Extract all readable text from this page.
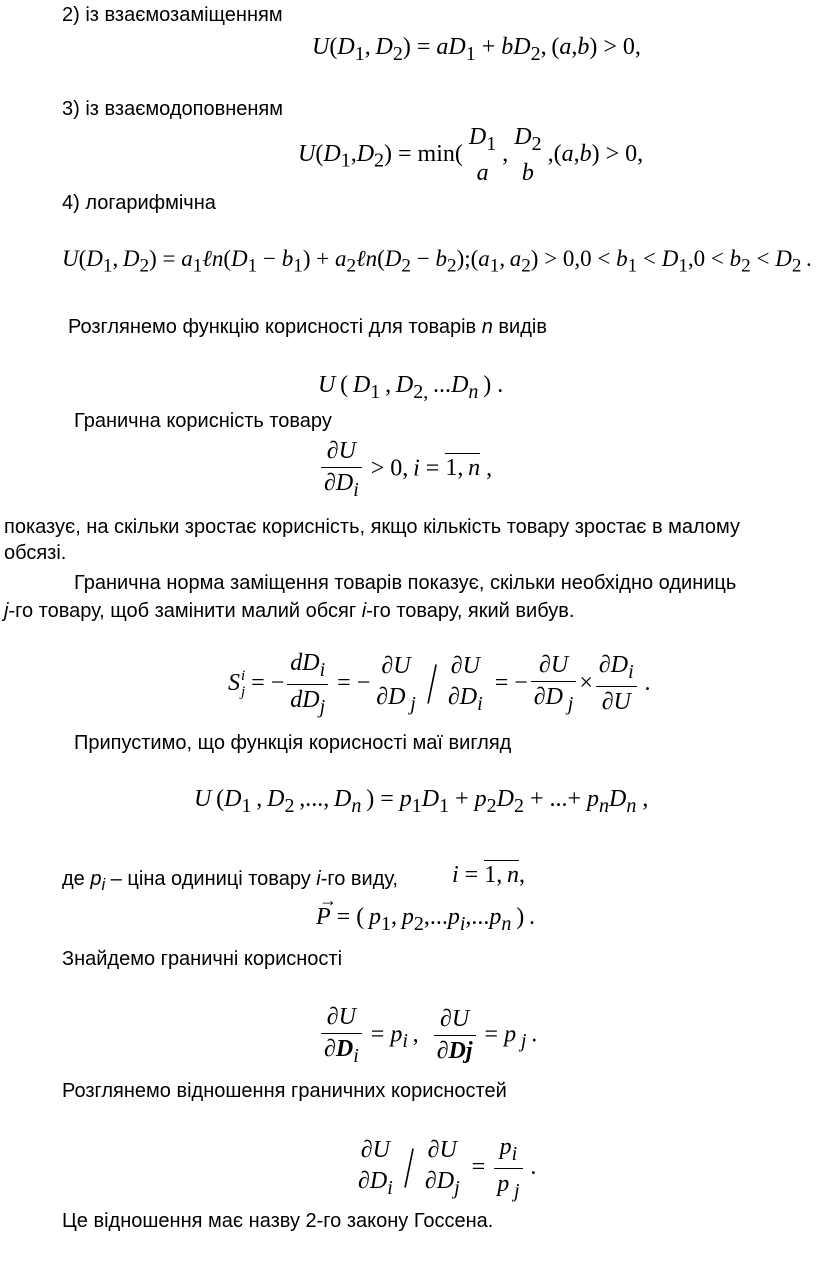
2) із взаємозаміщенням
$U(D_1$, $D_2) = aD_1 + bD_2$, (a,b) > 0,
3) із взаємодоповненям
$U(D_1,D_2) = \min$(
$D_1$
a
,
$D_2$
b
,(a,b) > 0,
4) логарифмічна
$U(D_1$, $D_2$) = $a_1\ell n(D_1 - b_1)$ + $a_2\ell n(D_2$ − $b_2);(a_1$, $a_2) > 0,0 < b_1 < D_1,0 < b_2 < D_2$ .
Розглянемо функцію корисності для товарів n видів
U ( $D_1$ , $D_{2,}$ $...D_n$ ) .
Гранична корисність товару
$\frac{\partial U}{\partial D_i} > 0$, i = 1, n ,
показує, на скільки зростає корисність, якщо кількість товару зростає в малому
обсязі.
Гранична норма заміщення товарів показує, скільки необхідно одиниць
j-го товару, щоб замінити малий обсяг i-го товару, який вибув.
Si
j = − $\frac{dD_i}{dD_j}$ = −
∂U
∂D  $_j$ / ∂U
$\partial D_i$
= − $\frac{\partial U}{\partial D _j} \times \frac{\partial D_i}{\partial U}$  .
Припустимо, що функція корисності маї вигляд
U ($D_1$ , $D_2$ ,..., $D_n$ ) = $p_1D_1 + p_2D_2$ + ...+ $p_nD_n$ ,
де $p_i$ – ціна одиниці товару i-го виду, i = 1, n,
→
P = ( $p_1$, $p_2,...p_i,...p_n$ ) .
Знайдемо граничні корисності
$\frac{\partial U}{\partial D_i} = p_i$ , $\frac{\partial U}{\partial Dj} = p$  $_j$ .
Розглянемо відношення граничних корисностей
∂U
$\partial D_i / \partial U$
$\partial D_j$
= $\frac{p_i}{p _j}$  .
Це відношення має назву 2-го закону Госсена.
